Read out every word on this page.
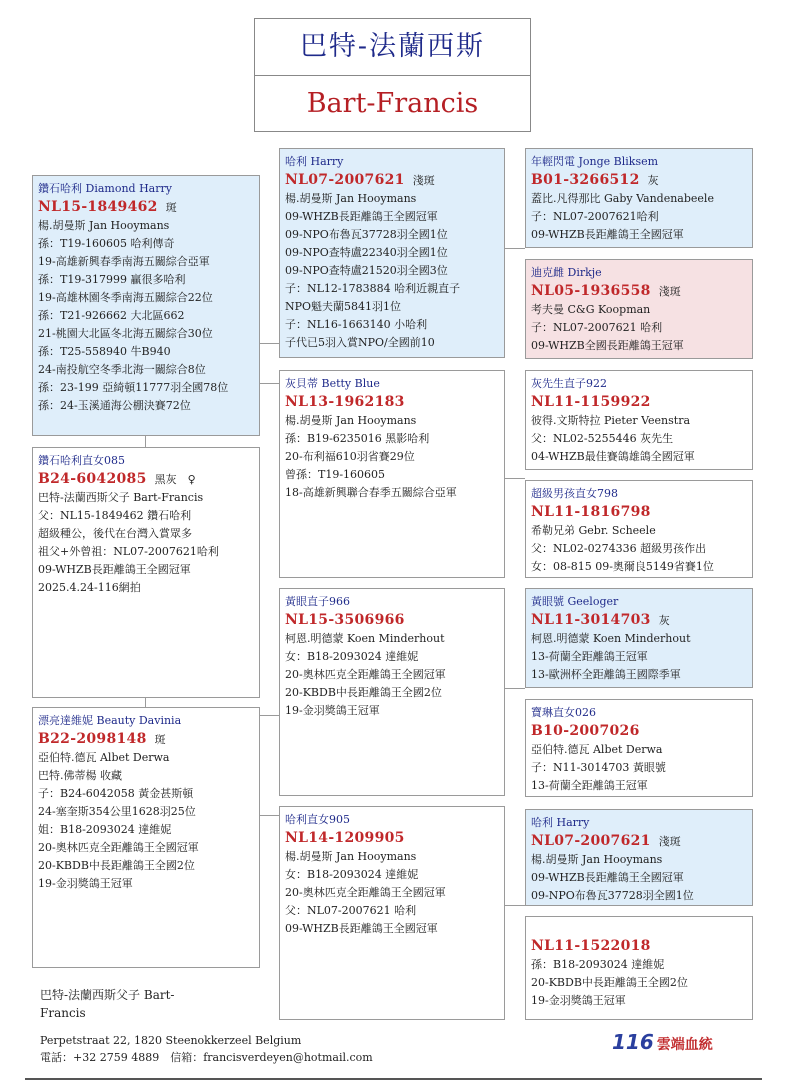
巴特-法蘭西斯
Bart-Francis
鑽石哈利 Diamond Harry
NL15-1849462 斑
楊.胡曼斯 Jan Hooymans
孫：T19-160605 哈利傳奇
19-高雄新興春季南海五關綜合亞軍
孫：T19-317999 贏很多哈利
19-高雄林園冬季南海五關綜合22位
孫：T21-926662 大北區662
21-桃園大北區冬北海五關綜合30位
孫：T25-558940 牛B940
24-南投航空冬季北海一關綜合8位
孫：23-199 亞綺頓11777羽全國78位
孫：24-玉溪通海公棚決賽72位
鑽石哈利直女085
B24-6042085 黑灰　♀
巴特-法蘭西斯父子 Bart-Francis
父：NL15-1849462 鑽石哈利
超級種公，後代在台灣入賞眾多
祖父+外曾祖：NL07-2007621哈利
09-WHZB長距離鴿王全國冠軍
2025.4.24-116網拍
漂亮達維妮 Beauty Davinia
B22-2098148 斑
亞伯特.德瓦 Albet Derwa
巴特.佛蒂楊 收藏
子：B24-6042058 黃金甚斯頓
24-塞奎斯354公里1628羽25位
姐：B18-2093024 達維妮
20-奧林匹克全距離鴿王全國冠軍
20-KBDB中長距離鴿王全國2位
19-金羽獎鴿王冠軍
哈利 Harry
NL07-2007621 淺斑
楊.胡曼斯 Jan Hooymans
09-WHZB長距離鴿王全國冠軍
09-NPO布魯瓦37728羽全國1位
09-NPO查特盧22340羽全國1位
09-NPO查特盧21520羽全國3位
子：NL12-1783884 哈利近親直子
NPO魁夫蘭5841羽1位
子：NL16-1663140 小哈利
子代已5羽入賞NPO/全國前10
灰貝蒂 Betty Blue
NL13-1962183
楊.胡曼斯 Jan Hooymans
孫：B19-6235016 黑影哈利
20-布利福610羽省賽29位
曾孫：T19-160605
18-高雄新興聯合春季五關綜合亞軍
黃眼直子966
NL15-3506966
柯恩.明德蒙 Koen Minderhout
女：B18-2093024 達維妮
20-奧林匹克全距離鴿王全國冠軍
20-KBDB中長距離鴿王全國2位
19-金羽獎鴿王冠軍
哈利直女905
NL14-1209905
楊.胡曼斯 Jan Hooymans
女：B18-2093024 達維妮
20-奧林匹克全距離鴿王全國冠軍
父：NL07-2007621 哈利
09-WHZB長距離鴿王全國冠軍
年輕閃電 Jonge Bliksem
B01-3266512 灰
蓋比.凡得那比 Gaby Vandenabeele
子：NL07-2007621哈利
09-WHZB長距離鴿王全國冠軍
迪克雌 Dirkje
NL05-1936558 淺斑
考夫曼 C&G Koopman
子：NL07-2007621 哈利
09-WHZB全國長距離鴿王冠軍
灰先生直子922
NL11-1159922
彼得.文斯特拉 Pieter Veenstra
父：NL02-5255446 灰先生
04-WHZB最佳賽鴿雄鴿全國冠軍
超級男孩直女798
NL11-1816798
希勒兄弟 Gebr. Scheele
父：NL02-0274336 超級男孩作出
女：08-815 09-奧爾良5149省賽1位
黃眼號 Geeloger
NL11-3014703 灰
柯恩.明德蒙 Koen Minderhout
13-荷蘭全距離鴿王冠軍
13-歐洲杯全距離鴿王國際季軍
寶琳直女026
B10-2007026
亞伯特.德瓦 Albet Derwa
子：N11-3014703 黃眼號
13-荷蘭全距離鴿王冠軍
哈利 Harry
NL07-2007621 淺斑
楊.胡曼斯 Jan Hooymans
09-WHZB長距離鴿王全國冠軍
09-NPO布魯瓦37728羽全國1位
NL11-1522018
孫：B18-2093024 達維妮
20-KBDB中長距離鴿王全國2位
19-金羽獎鴿王冠軍
巴特-法蘭西斯父子 Bart-
Francis
Perpetstraat 22, 1820 Steenokkerzeel Belgium
電話：+32 2759 4889　信箱：francisverdeyen@hotmail.com
116 雲端血統
